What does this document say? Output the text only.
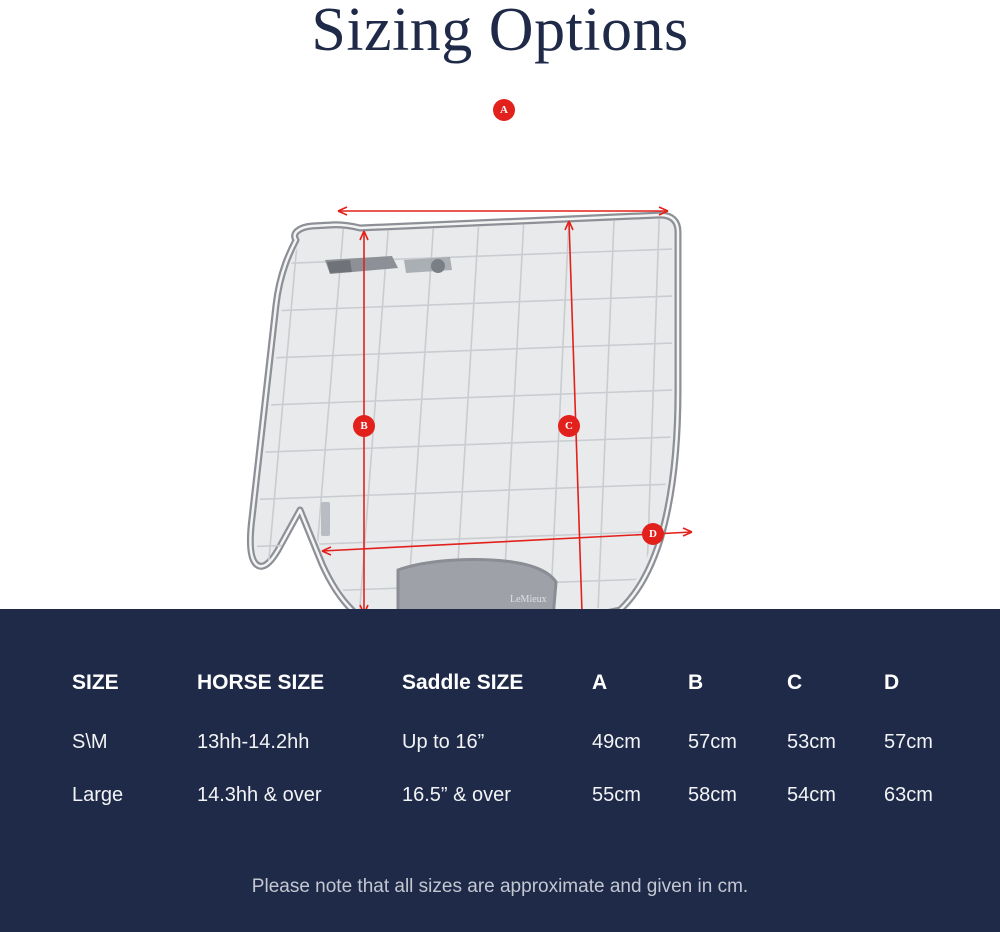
Sizing Options
LeMieux
A
B	C
D
SIZE	HORSE SIZE	Saddle SIZE	A	B	C	D
S\M	13hh-14.2hh	Up to 16”	49cm	57cm	53cm	57cm
Large	14.3hh & over	16.5” & over	55cm	58cm	54cm	63cm
Please note that all sizes are approximate and given in cm.
